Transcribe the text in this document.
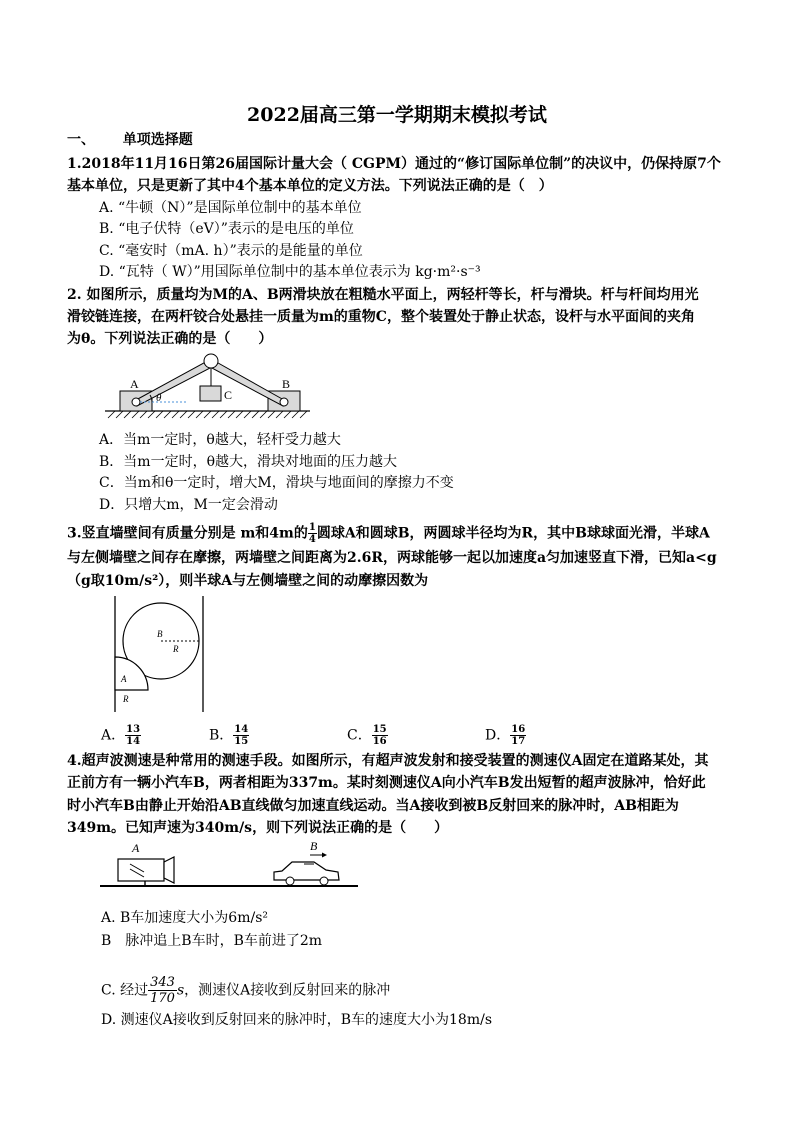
2022届高三第一学期期末模拟考试
一、 单项选择题
1.2018年11月16日第26届国际计量大会（ CGPM）通过的“修订国际单位制”的决议中，仍保持原7个
基本单位，只是更新了其中4个基本单位的定义方法。下列说法正确的是（　）
A. “牛顿（N）”是国际单位制中的基本单位
B. “电子伏特（eV）”表示的是电压的单位
C. “毫安时（mA. h）”表示的是能量的单位
D. “瓦特（ W）”用国际单位制中的基本单位表示为 kg·m²·s⁻³
2. 如图所示，质量均为M的A、B两滑块放在粗糙水平面上，两轻杆等长，杆与滑块。杆与杆间均用光
滑铰链连接，在两杆铰合处悬挂一质量为m的重物C，整个装置处于静止状态，设杆与水平面间的夹角
为θ。下列说法正确的是（　　）
A	B
C
θ
A．当m一定时，θ越大，轻杆受力越大
B．当m一定时，θ越大，滑块对地面的压力越大
C．当m和θ一定时，增大M，滑块与地面间的摩擦力不变
D．只增大m，M一定会滑动
3.竖直墙壁间有质量分别是 m和4m的 $\frac{1}{4}$ 圆球A和圆球B，两圆球半径均为R，其中B球球面光滑，半球A
与左侧墙壁之间存在摩擦，两墙壁之间距离为2.6R，两球能够一起以加速度a匀加速竖直下滑，已知a<g
（g取10m/s²），则半球A与左侧墙壁之间的动摩擦因数为
B
R
A
R
A． $\frac{13}{14}$	B． $\frac{14}{15}$	C． $\frac{15}{16}$	D． $\frac{16}{17}$
4.超声波测速是种常用的测速手段。如图所示，有超声波发射和接受装置的测速仪A固定在道路某处，其
正前方有一辆小汽车B，两者相距为337m。某时刻测速仪A向小汽车B发出短暂的超声波脉冲，恰好此
时小汽车B由静止开始沿AB直线做匀加速直线运动。当A接收到被B反射回来的脉冲时，AB相距为
349m。已知声速为340m/s，则下列说法正确的是（　　）
A	B
A. B车加速度大小为6m/s²
B　脉冲追上B车时，B车前进了2m
C. 经过 $\frac{343}{170}s$，测速仪A接收到反射回来的脉冲
D. 测速仪A接收到反射回来的脉冲时，B车的速度大小为18m/s
